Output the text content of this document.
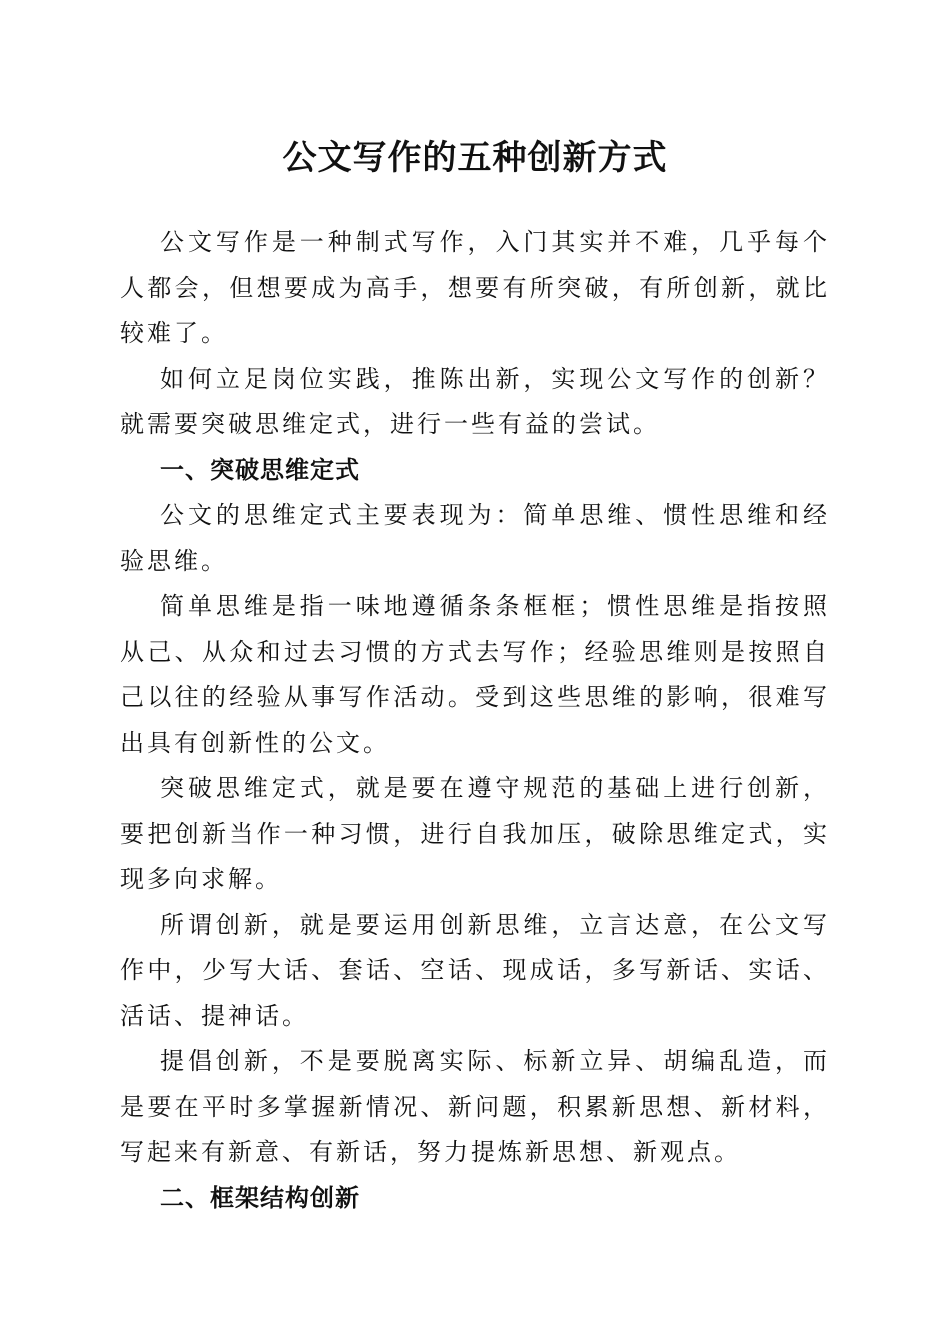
公文写作的五种创新方式

公文写作是一种制式写作，入门其实并不难，几乎每个人都会，但想要成为高手，想要有所突破，有所创新，就比较难了。

如何立足岗位实践，推陈出新，实现公文写作的创新？就需要突破思维定式，进行一些有益的尝试。

一、突破思维定式

公文的思维定式主要表现为：简单思维、惯性思维和经验思维。

简单思维是指一味地遵循条条框框；惯性思维是指按照从己、从众和过去习惯的方式去写作；经验思维则是按照自己以往的经验从事写作活动。受到这些思维的影响，很难写出具有创新性的公文。

突破思维定式，就是要在遵守规范的基础上进行创新，要把创新当作一种习惯，进行自我加压，破除思维定式，实现多向求解。

所谓创新，就是要运用创新思维，立言达意，在公文写作中，少写大话、套话、空话、现成话，多写新话、实话、活话、提神话。

提倡创新，不是要脱离实际、标新立异、胡编乱造，而是要在平时多掌握新情况、新问题，积累新思想、新材料，写起来有新意、有新话，努力提炼新思想、新观点。

二、框架结构创新
